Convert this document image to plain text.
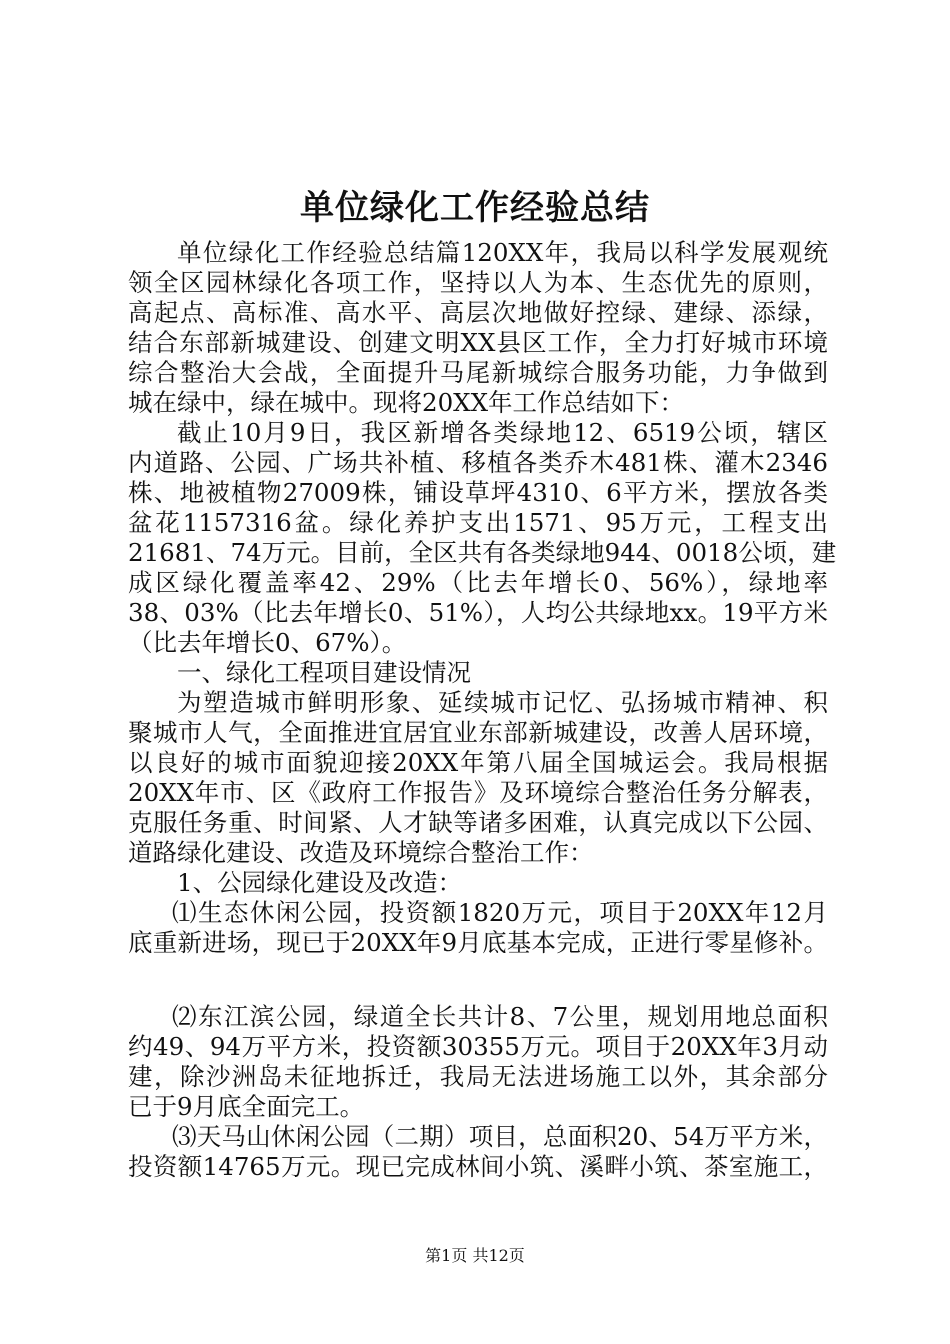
单位绿化工作经验总结
单位绿化工作经验总结篇120XX年，我局以科学发展观统
领全区园林绿化各项工作，坚持以人为本、生态优先的原则，
高起点、高标准、高水平、高层次地做好控绿、建绿、添绿，
结合东部新城建设、创建文明XX县区工作，全力打好城市环境
综合整治大会战，全面提升马尾新城综合服务功能，力争做到
城在绿中，绿在城中。现将20XX年工作总结如下：
截止10月9日，我区新增各类绿地12、6519公顷，辖区
内道路、公园、广场共补植、移植各类乔木481株、灌木2346
株、地被植物27009株，铺设草坪4310、6平方米，摆放各类
盆花1157316盆。绿化养护支出1571、95万元，工程支出
21681、74万元。目前，全区共有各类绿地944、0018公顷，建
成区绿化覆盖率42、29%（比去年增长0、56%），绿地率
38、03%（比去年增长0、51%），人均公共绿地xx。19平方米
（比去年增长0、67%）。
一、绿化工程项目建设情况
为塑造城市鲜明形象、延续城市记忆、弘扬城市精神、积
聚城市人气，全面推进宜居宜业东部新城建设，改善人居环境，
以良好的城市面貌迎接20XX年第八届全国城运会。我局根据
20XX年市、区《政府工作报告》及环境综合整治任务分解表，
克服任务重、时间紧、人才缺等诸多困难，认真完成以下公园、
道路绿化建设、改造及环境综合整治工作：
1、公园绿化建设及改造：
⑴生态休闲公园，投资额1820万元，项目于20XX年12月
底重新进场，现已于20XX年9月底基本完成，正进行零星修补。
⑵东江滨公园，绿道全长共计8、7公里，规划用地总面积
约49、94万平方米，投资额30355万元。项目于20XX年3月动
建，除沙洲岛未征地拆迁，我局无法进场施工以外，其余部分
已于9月底全面完工。
⑶天马山休闲公园（二期）项目，总面积20、54万平方米，
投资额14765万元。现已完成林间小筑、溪畔小筑、茶室施工，
第1页 共12页
